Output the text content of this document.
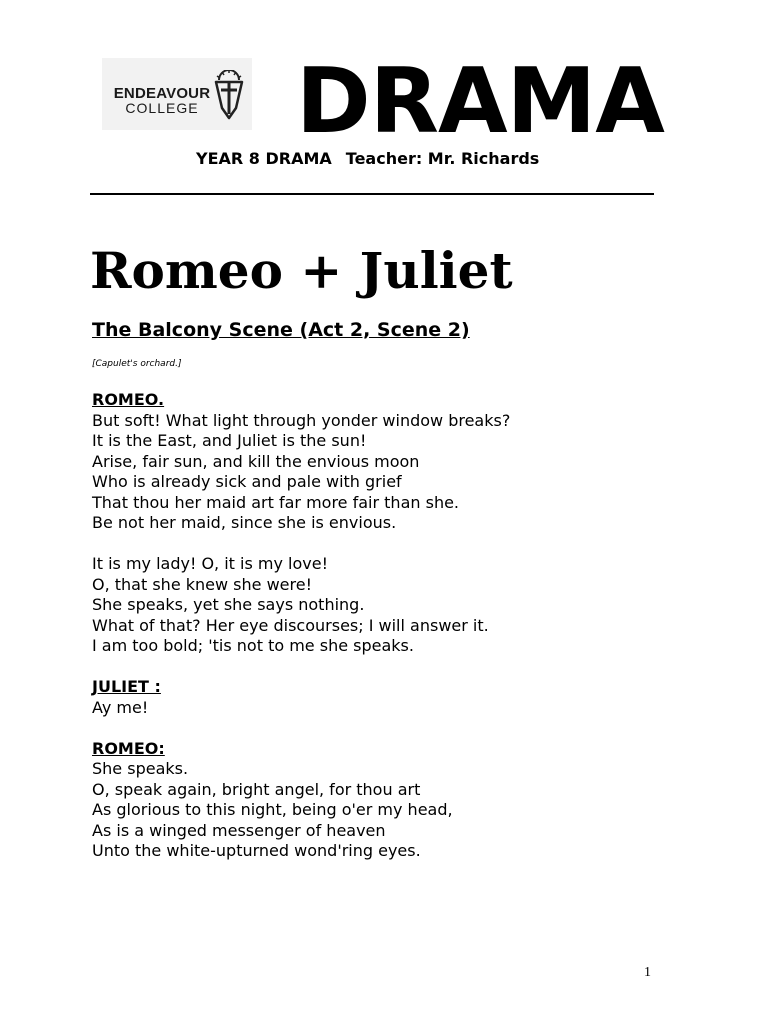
ENDEAVOUR
COLLEGE DRAMA
YEAR 8 DRAMA Teacher: Mr. Richards
Romeo + Juliet
The Balcony Scene (Act 2, Scene 2)
[Capulet's orchard.]
ROMEO.
But soft! What light through yonder window breaks?
It is the East, and Juliet is the sun!
Arise, fair sun, and kill the envious moon
Who is already sick and pale with grief
That thou her maid art far more fair than she.
Be not her maid, since she is envious.
It is my lady! O, it is my love!
O, that she knew she were!
She speaks, yet she says nothing.
What of that? Her eye discourses; I will answer it.
I am too bold; 'tis not to me she speaks.
JULIET :
Ay me!
ROMEO:
She speaks.
O, speak again, bright angel, for thou art
As glorious to this night, being o'er my head,
As is a winged messenger of heaven
Unto the white-upturned wond'ring eyes.
1
